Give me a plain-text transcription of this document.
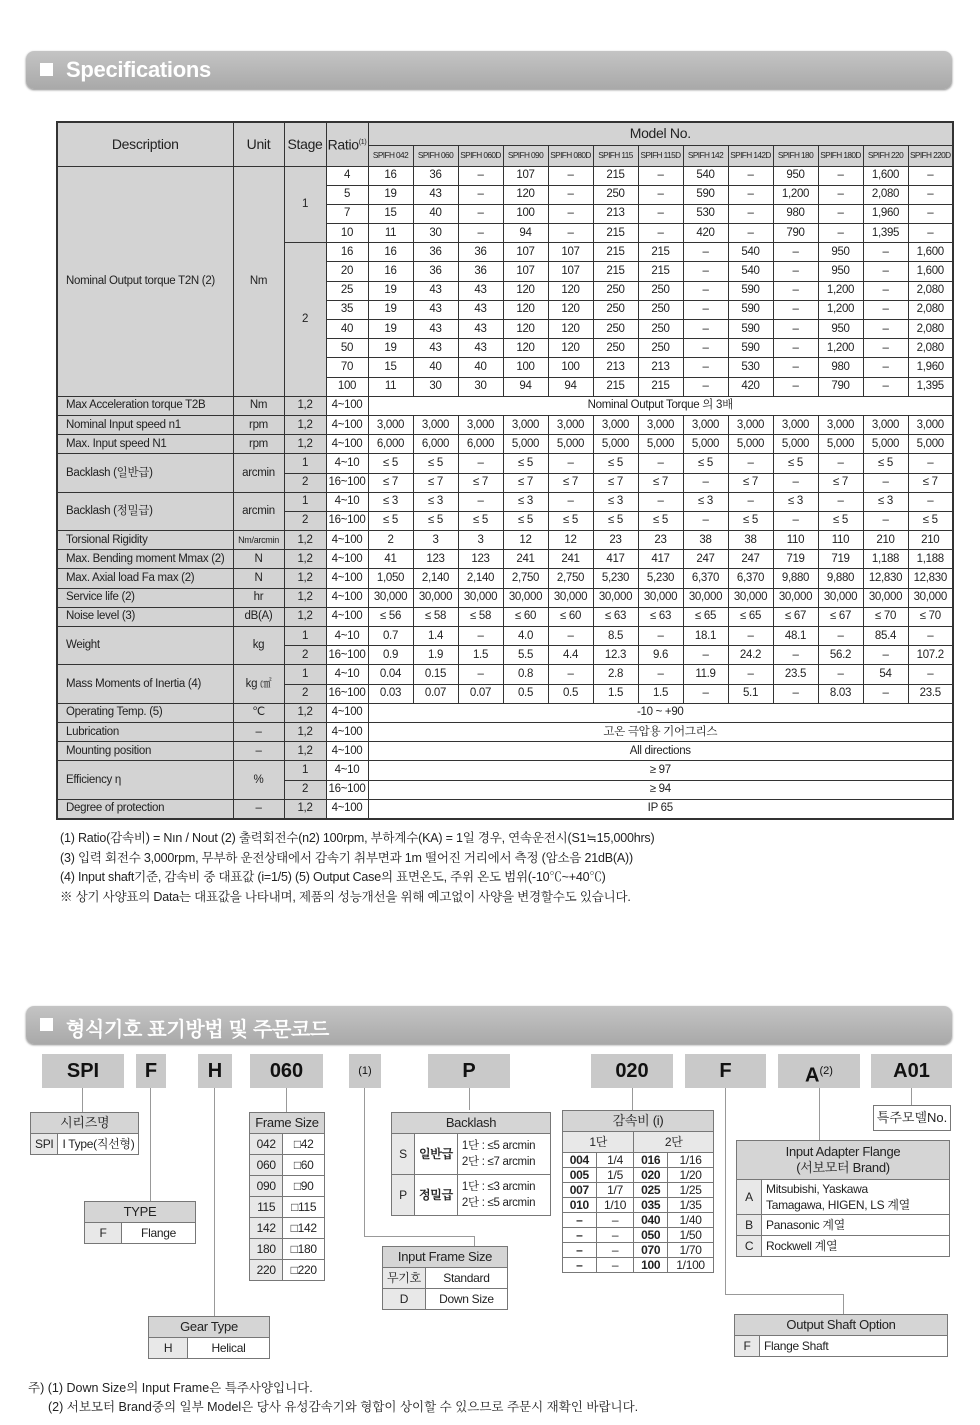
Specifications
Description	Unit	Stage	Ratio$^{(1)}$	Model No.												
				SPIFH 042	SPIFH 060	SPIFH 060D	SPIFH 090	SPIFH 080D	SPIFH 115	SPIFH 115D	SPIFH 142	SPIFH 142D	SPIFH 180	SPIFH 180D	SPIFH 220	SPIFH 220D
Nominal Output torque T2N (2)	Nm	1	4	16	36	–	107	–	215	–	540	–	950	–	1,600	–
			5	19	43	–	120	–	250	–	590	–	1,200	–	2,080	–
			7	15	40	–	100	–	213	–	530	–	980	–	1,960	–
			10	11	30	–	94	–	215	–	420	–	790	–	1,395	–
		2	16	16	36	36	107	107	215	215	–	540	–	950	–	1,600
			20	16	36	36	107	107	215	215	–	540	–	950	–	1,600
			25	19	43	43	120	120	250	250	–	590	–	1,200	–	2,080
			35	19	43	43	120	120	250	250	–	590	–	1,200	–	2,080
			40	19	43	43	120	120	250	250	–	590	–	950	–	2,080
			50	19	43	43	120	120	250	250	–	590	–	1,200	–	2,080
			70	15	40	40	100	100	213	213	–	530	–	980	–	1,960
			100	11	30	30	94	94	215	215	–	420	–	790	–	1,395
Max Acceleration torque T2B	Nm	1,2	4~100	Nominal Output Torque 의 3배												
Nominal Input speed n1	rpm	1,2	4~100	3,000	3,000	3,000	3,000	3,000	3,000	3,000	3,000	3,000	3,000	3,000	3,000	3,000
Max. Input speed N1	rpm	1,2	4~100	6,000	6,000	6,000	5,000	5,000	5,000	5,000	5,000	5,000	5,000	5,000	5,000	5,000
Backlash (일반급)	arcmin	1	4~10	≤ 5	≤ 5	–	≤ 5	–	≤ 5	–	≤ 5	–	≤ 5	–	≤ 5	–
		2	16~100	≤ 7	≤ 7	≤ 7	≤ 7	≤ 7	≤ 7	≤ 7	–	≤ 7	–	≤ 7	–	≤ 7
Backlash (정밀급)	arcmin	1	4~10	≤ 3	≤ 3	–	≤ 3	–	≤ 3	–	≤ 3	–	≤ 3	–	≤ 3	–
		2	16~100	≤ 5	≤ 5	≤ 5	≤ 5	≤ 5	≤ 5	≤ 5	–	≤ 5	–	≤ 5	–	≤ 5
Torsional Rigidity	Nm/arcmin	1,2	4~100	2	3	3	12	12	23	23	38	38	110	110	210	210
Max. Bending moment Mmax (2)	N	1,2	4~100	41	123	123	241	241	417	417	247	247	719	719	1,188	1,188
Max. Axial load Fa max (2)	N	1,2	4~100	1,050	2,140	2,140	2,750	2,750	5,230	5,230	6,370	6,370	9,880	9,880	12,830	12,830
Service life (2)	hr	1,2	4~100	30,000	30,000	30,000	30,000	30,000	30,000	30,000	30,000	30,000	30,000	30,000	30,000	30,000
Noise level (3)	dB(A)	1,2	4~100	≤ 56	≤ 58	≤ 58	≤ 60	≤ 60	≤ 63	≤ 63	≤ 65	≤ 65	≤ 67	≤ 67	≤ 70	≤ 70
Weight	kg	1	4~10	0.7	1.4	–	4.0	–	8.5	–	18.1	–	48.1	–	85.4	–
		2	16~100	0.9	1.9	1.5	5.5	4.4	12.3	9.6	–	24.2	–	56.2	–	107.2
Mass Moments of Inertia (4)	kg ㎠	1	4~10	0.04	0.15	–	0.8	–	2.8	–	11.9	–	23.5	–	54	–
		2	16~100	0.03	0.07	0.07	0.5	0.5	1.5	1.5	–	5.1	–	8.03	–	23.5
Operating Temp. (5)	℃	1,2	4~100	-10 ~ +90												
Lubrication	–	1,2	4~100	고온 극압용 기어그리스												
Mounting position	–	1,2	4~100	All directions												
Efficiency η	%	1	4~10	≥ 97												
		2	16~100	≥ 94												
Degree of protection	–	1,2	4~100	IP 65												
(1) Ratio(감속비) = Nın / Nout (2) 출력회전수(n2) 100rpm, 부하계수(KA) = 1일 경우, 연속운전시(S1≒15,000hrs)
(3) 입력 회전수 3,000rpm, 무부하 운전상태에서 감속기 취부면과 1m 떨어진 거리에서 측정 (암소음 21dB(A))
(4) Input shaft기준, 감속비 중 대표값 (i=1/5) (5) Output Case의 표면온도, 주위 온도 범위(-10℃~+40℃)
※ 상기 사양표의 Data는 대표값을 나타내며, 제품의 성능개선을 위해 예고없이 사양을 변경할수도 있습니다.
형식기호 표기방법 및 주문코드
SPI	F	H	060	(1)	P	020	F	$A^{(2)}$	A01
시리즈명
SPI	I Type(직선형)
TYPE
F	Flange
Gear Type
H	Helical
Frame Size	
042	□42
060	□60
090	□90
115	□115
142	□142
180	□180
220	□220
Backlash		
S	일반급	1단 : ≤5 arcmin
2단 : ≤7 arcmin

P	정밀급	1단 : ≤3 arcmin
2단 : ≤5 arcmin
Input Frame Size	
무기호	Standard
D	Down Size
감속비 (i)			
1단		2단	
004	1/4	016	1/16
005	1/5	020	1/20
007	1/7	025	1/25
010	1/10	035	1/35
–	–	040	1/40
–	–	050	1/50
–	–	070	1/70
–	–	100	1/100
특주모델No.
Input Adapter Flange
(서보모터 Brand)	
A	Mitsubishi, Yaskawa
Tamagawa, HIGEN, LS 계열

B	Panasonic 계열

C	Rockwell 계열
Output Shaft Option
F	Flange Shaft
주) (1) Down Size의 Input Frame은 특주사양입니다.
(2) 서보모터 Brand중의 일부 Model은 당사 유성감속기와 형합이 상이할 수 있으므로 주문시 재확인 바랍니다.
